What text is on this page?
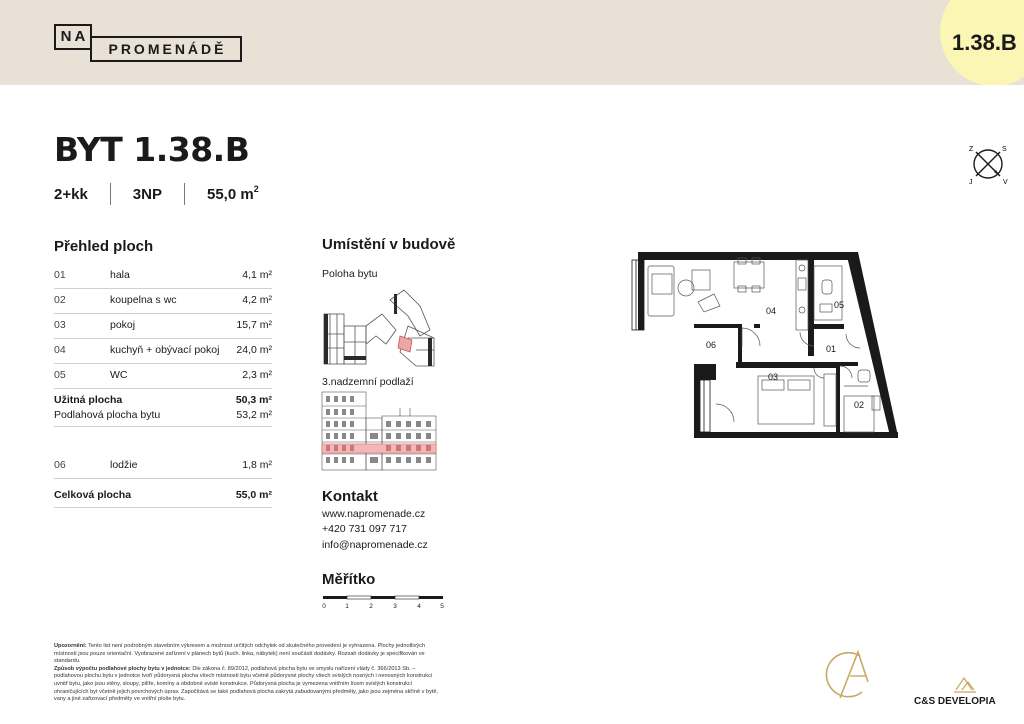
NA
PROMENÁDĚ	1.38.B
BYT 1.38.B
2+kk	3NP	55,0 $m^2$
Z	S
V
J
Přehled ploch
01	hala	4,1 m²
02	koupelna s wc	4,2 m²
03	pokoj	15,7 m²
04	kuchyň + obývací pokoj 24,0 m²
05	WC	2,3 m²
Užitná plocha	50,3 m²
Podlahová plocha bytu	53,2 m²
06	lodžie	1,8 m²
Celková plocha	55,0 m²
Umístění v budově
Poloha bytu
3.nadzemní podlaží
Kontakt
www.napromenade.cz
+420 731 097 717
info@napromenade.cz
Měřítko
0	1	2	3	4	5
04
05
06	01
03
02
Upozornění: Tento list není podrobným stavebním výkresem a možnost určitých odchylek od skutečného provedení je vyhrazena. Plochy jednotlivých místností jsou pouze orientační. Vyobrazené zařízení v plánech bytů (kuch. linka, nábytek) není součástí dodávky. Rozsah dodávky je specifikován ve standardu.
Způsob výpočtu podlahové plochy bytu v jednotce: Dle zákona č. 89/2012, podlahová plocha bytu ve smyslu nařízení vlády č. 366/2013 Sb. – podlahovou plochu bytu v jednotce tvoří půdorysná plocha všech místností bytu včetně půdorysné plochy všech svislých nosných i nenosných konstrukcí uvnitř bytu, jako jsou stěny, sloupy, pilíře, komíny a obdobné svislé konstrukce. Půdorysná plocha je vymezena vnitřním lícem svislých konstrukcí ohraničujících byt včetně jejich povrchových úprav. Započítává se také podlahová plocha zakrytá zabudovanými předměty, jako jsou zejména skříně v bytě, vany a jiné zařizovací předměty ve vnitřní ploše bytu.	C&S DEVELOPIA
